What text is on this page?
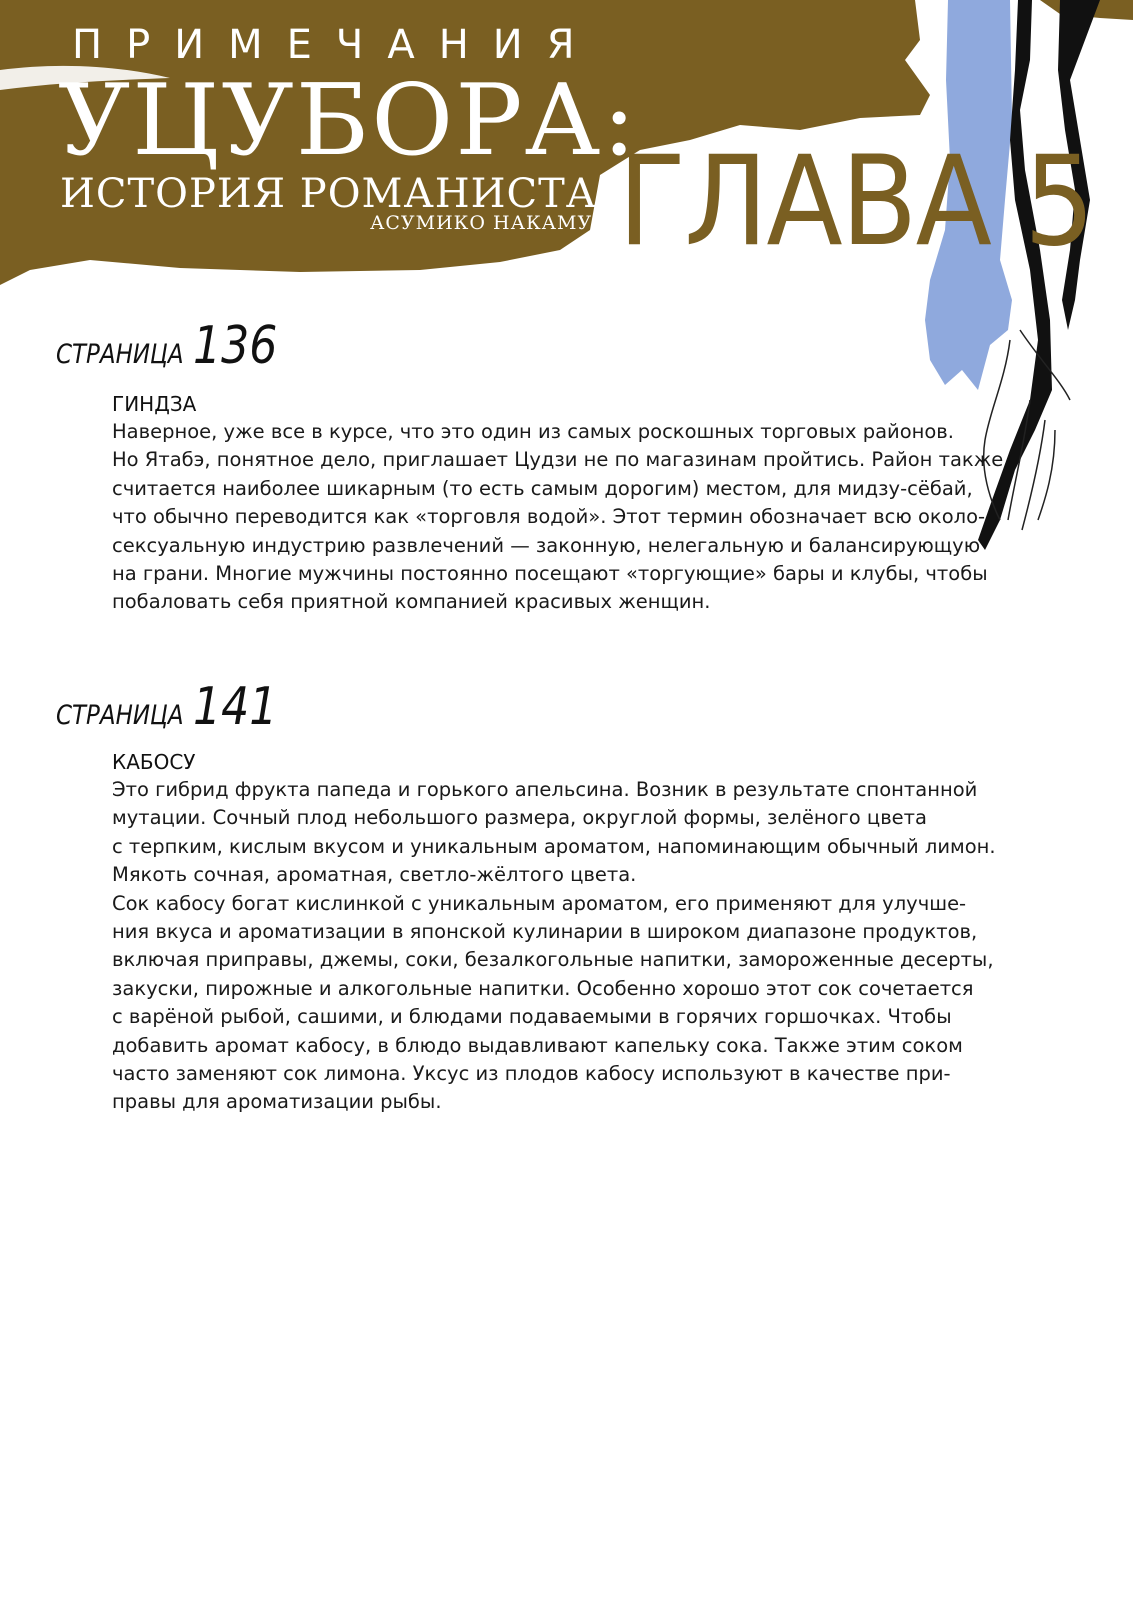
ПРИМЕЧАНИЯ
УЦУБОРА:
ИСТОРИЯ РОМАНИСТА
АСУМИКО НАКАМУРА
ГЛАВА 5
СТРАНИЦА 136
ГИНДЗА

Наверное, уже все в курсе, что это один из самых роскошных торговых районов.
Но Ятабэ, понятное дело, приглашает Цудзи не по магазинам пройтись. Район также
считается наиболее шикарным (то есть самым дорогим) местом, для мидзу-сёбай,
что обычно переводится как «торговля водой». Этот термин обозначает всю около-
сексуальную индустрию развлечений — законную, нелегальную и балансирующую
на грани. Многие мужчины постоянно посещают «торгующие» бары и клубы, чтобы
побаловать себя приятной компанией красивых женщин.

СТРАНИЦА 141
КАБОСУ

Это гибрид фрукта папеда и горького апельсина. Возник в результате спонтанной
мутации. Сочный плод небольшого размера, округлой формы, зелёного цвета
с терпким, кислым вкусом и уникальным ароматом, напоминающим обычный лимон.
Мякоть сочная, ароматная, светло-жёлтого цвета.
Сок кабосу богат кислинкой с уникальным ароматом, его применяют для улучше-
ния вкуса и ароматизации в японской кулинарии в широком диапазоне продуктов,
включая приправы, джемы, соки, безалкогольные напитки, замороженные десерты,
закуски, пирожные и алкогольные напитки. Особенно хорошо этот сок сочетается
с варёной рыбой, сашими, и блюдами подаваемыми в горячих горшочках. Чтобы
добавить аромат кабосу, в блюдо выдавливают капельку сока. Также этим соком
часто заменяют сок лимона. Уксус из плодов кабосу используют в качестве при-
правы для ароматизации рыбы.
